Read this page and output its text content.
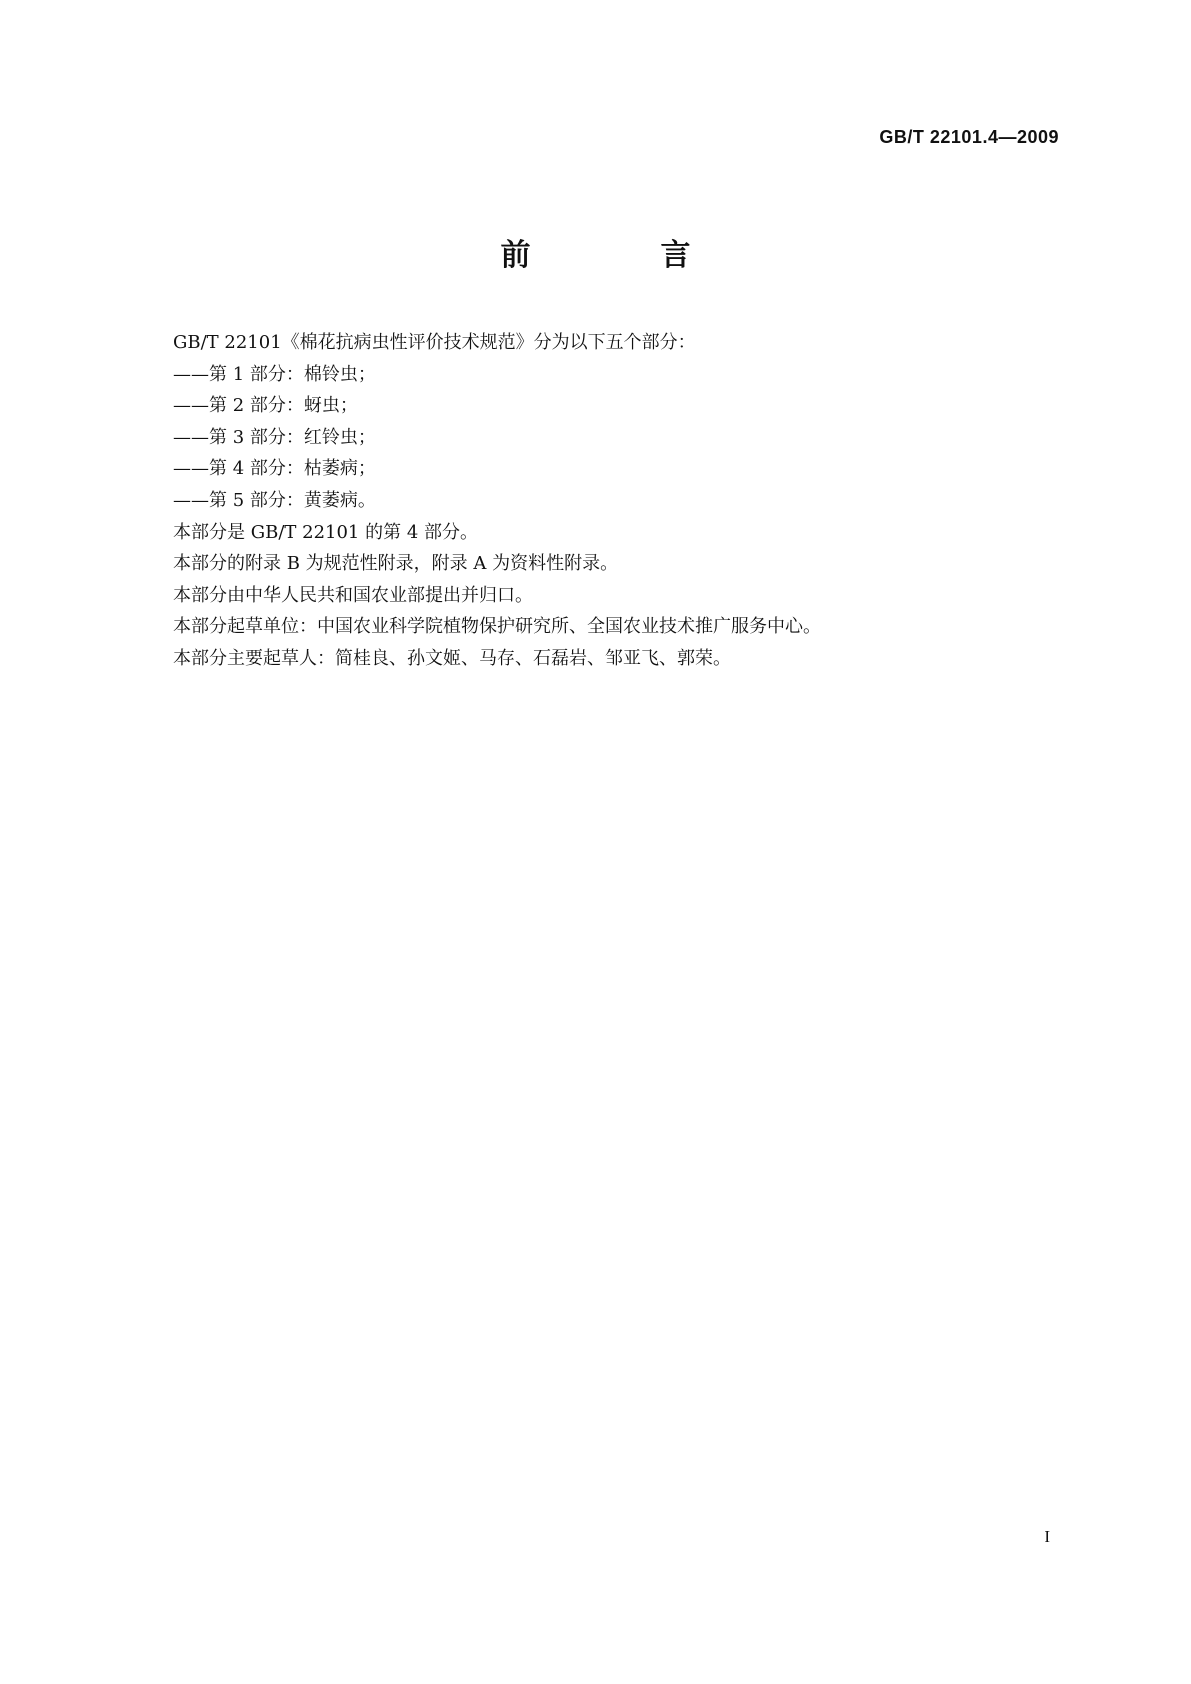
GB/T 22101.4—2009
前　言
GB/T 22101《棉花抗病虫性评价技术规范》分为以下五个部分：
——第 1 部分：棉铃虫；
——第 2 部分：蚜虫；
——第 3 部分：红铃虫；
——第 4 部分：枯萎病；
——第 5 部分：黄萎病。
本部分是 GB/T 22101 的第 4 部分。
本部分的附录 B 为规范性附录，附录 A 为资料性附录。
本部分由中华人民共和国农业部提出并归口。
本部分起草单位：中国农业科学院植物保护研究所、全国农业技术推广服务中心。
本部分主要起草人：简桂良、孙文姬、马存、石磊岩、邹亚飞、郭荣。
I
